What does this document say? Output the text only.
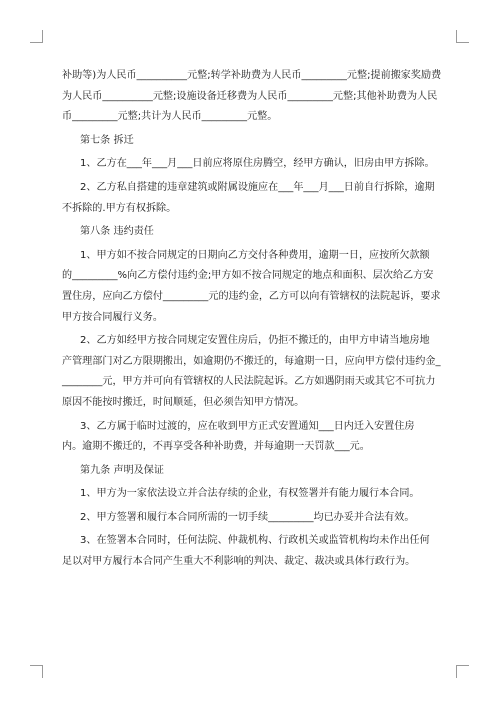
补助等)为人民币__________元整;转学补助费为人民币_________元整;提前搬家奖励费

为人民币__________元整;设施设备迁移费为人民币_________元整;其他补助费为人民

币_________元整;共计为人民币_________元整。

第七条 拆迁

1、乙方在___年___月___日前应将原住房腾空，经甲方确认，旧房由甲方拆除。

2、乙方私自搭建的违章建筑或附属设施应在___年___月___日前自行拆除，逾期

不拆除的.甲方有权拆除。

第八条 违约责任

1、甲方如不按合同规定的日期向乙方交付各种费用，逾期一日，应按所欠款额

的_________%向乙方偿付违约金;甲方如不按合同规定的地点和面积、层次给乙方安

置住房，应向乙方偿付_________元的违约金，乙方可以向有管辖权的法院起诉，要求

甲方按合同履行义务。

2、乙方如经甲方按合同规定安置住房后，仍拒不搬迁的，由甲方申请当地房地

产管理部门对乙方限期搬出，如逾期仍不搬迁的，每逾期一日，应向甲方偿付违约金_

________元，甲方并可向有管辖权的人民法院起诉。乙方如遇阴雨天或其它不可抗力

原因不能按时搬迁，时间顺延，但必须告知甲方情况。

3、乙方属于临时过渡的，应在收到甲方正式安置通知___日内迁入安置住房

内。逾期不搬迁的，不再享受各种补助费，并每逾期一天罚款___元。

第九条 声明及保证

1、甲方为一家依法设立并合法存续的企业，有权签署并有能力履行本合同。

2、甲方签署和履行本合同所需的一切手续_________均已办妥并合法有效。

3、在签署本合同时，任何法院、仲裁机构、行政机关或监管机构均未作出任何

足以对甲方履行本合同产生重大不利影响的判决、裁定、裁决或具体行政行为。
